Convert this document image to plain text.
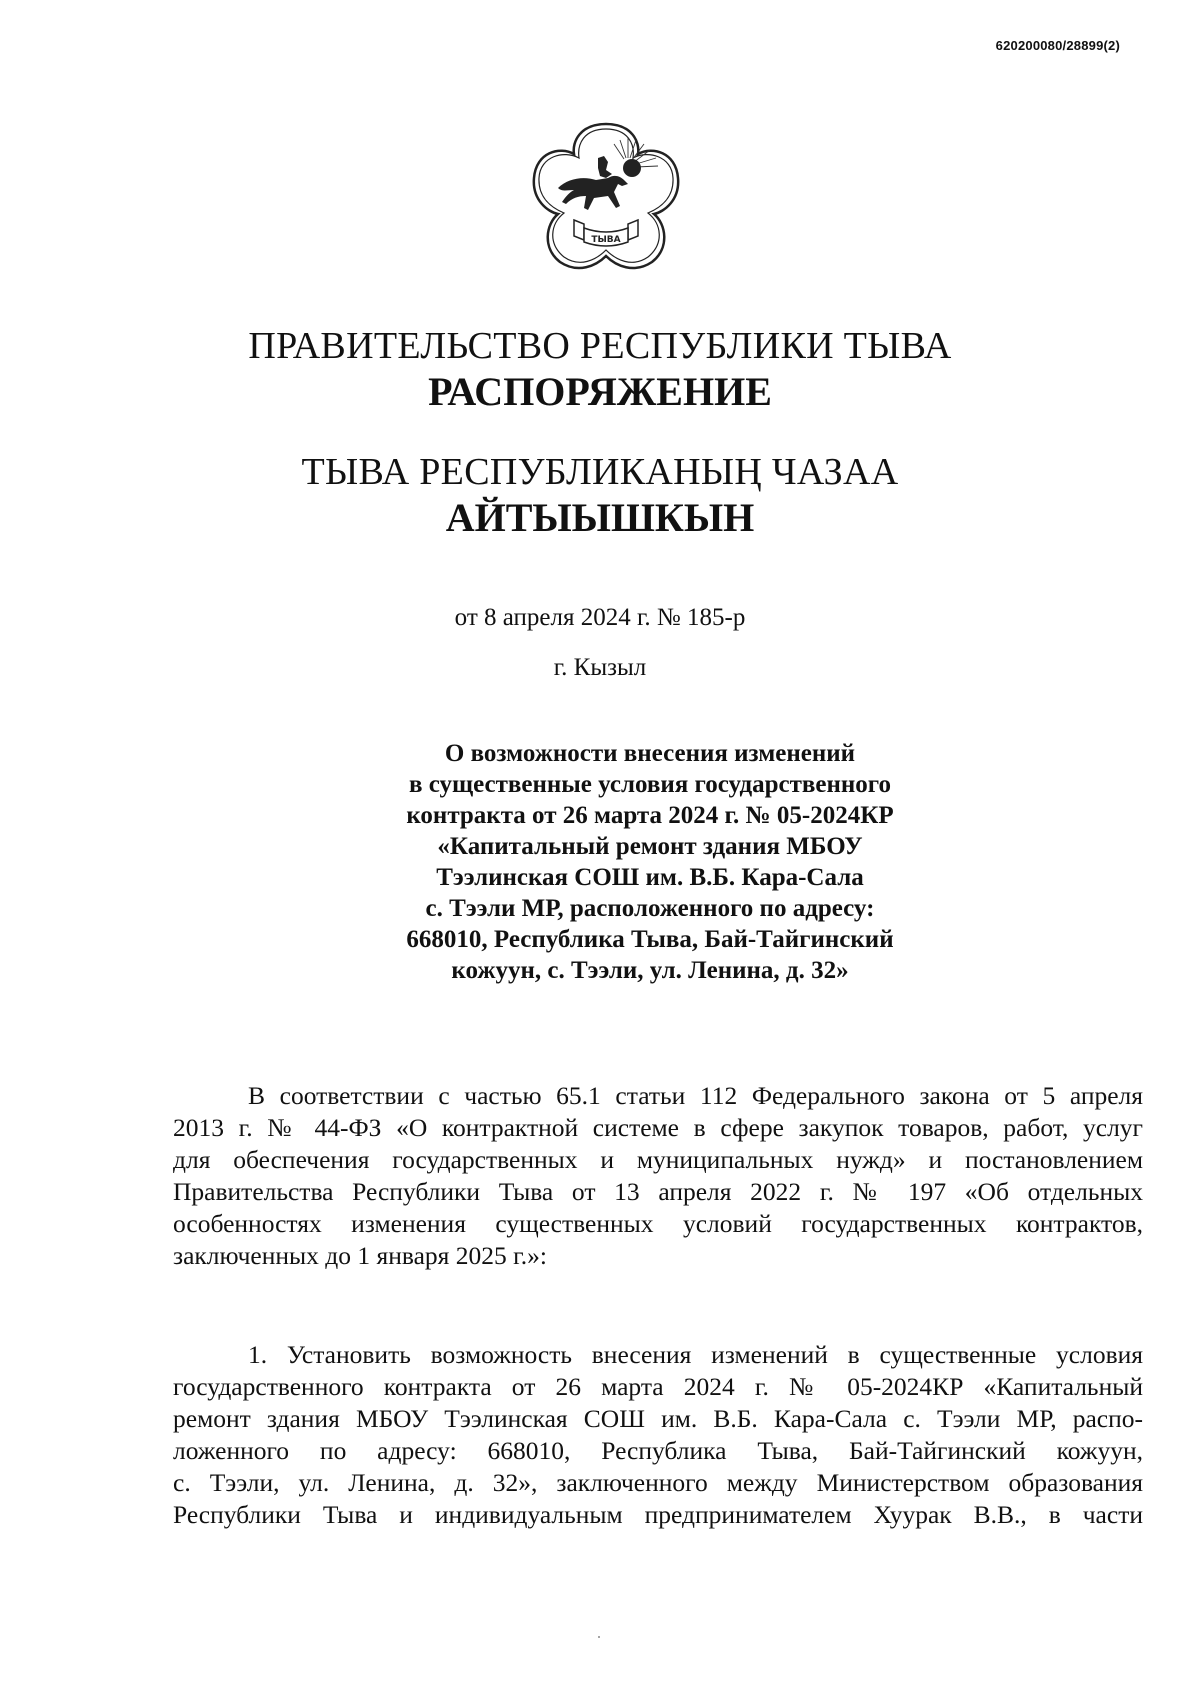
620200080/28899(2)
ТЫВА
ПРАВИТЕЛЬСТВО РЕСПУБЛИКИ ТЫВА
РАСПОРЯЖЕНИЕ
ТЫВА РЕСПУБЛИКАНЫҢ ЧАЗАА
АЙТЫЫШКЫН
от 8 апреля 2024 г. № 185-р
г. Кызыл
О возможности внесения изменений
в существенные условия государственного
контракта от 26 марта 2024 г. № 05-2024КР
«Капитальный ремонт здания МБОУ
Тээлинская СОШ им. В.Б. Кара-Сала
с. Тээли МР, расположенного по адресу:
668010, Республика Тыва, Бай-Тайгинский
кожуун, с. Тээли, ул. Ленина, д. 32»
В соответствии с частью 65.1 статьи 112 Федерального закона от 5 апреля
2013 г. № 44-ФЗ «О контрактной системе в сфере закупок товаров, работ, услуг
для обеспечения государственных и муниципальных нужд» и постановлением
Правительства Республики Тыва от 13 апреля 2022 г. № 197 «Об отдельных
особенностях изменения существенных условий государственных контрактов,
заключенных до 1 января 2025 г.»:
1. Установить возможность внесения изменений в существенные условия
государственного контракта от 26 марта 2024 г. № 05-2024КР «Капитальный
ремонт здания МБОУ Тээлинская СОШ им. В.Б. Кара-Сала с. Тээли МР, распо-
ложенного по адресу: 668010, Республика Тыва, Бай-Тайгинский кожуун,
с. Тээли, ул. Ленина, д. 32», заключенного между Министерством образования
Республики Тыва и индивидуальным предпринимателем Хуурак В.В., в части
